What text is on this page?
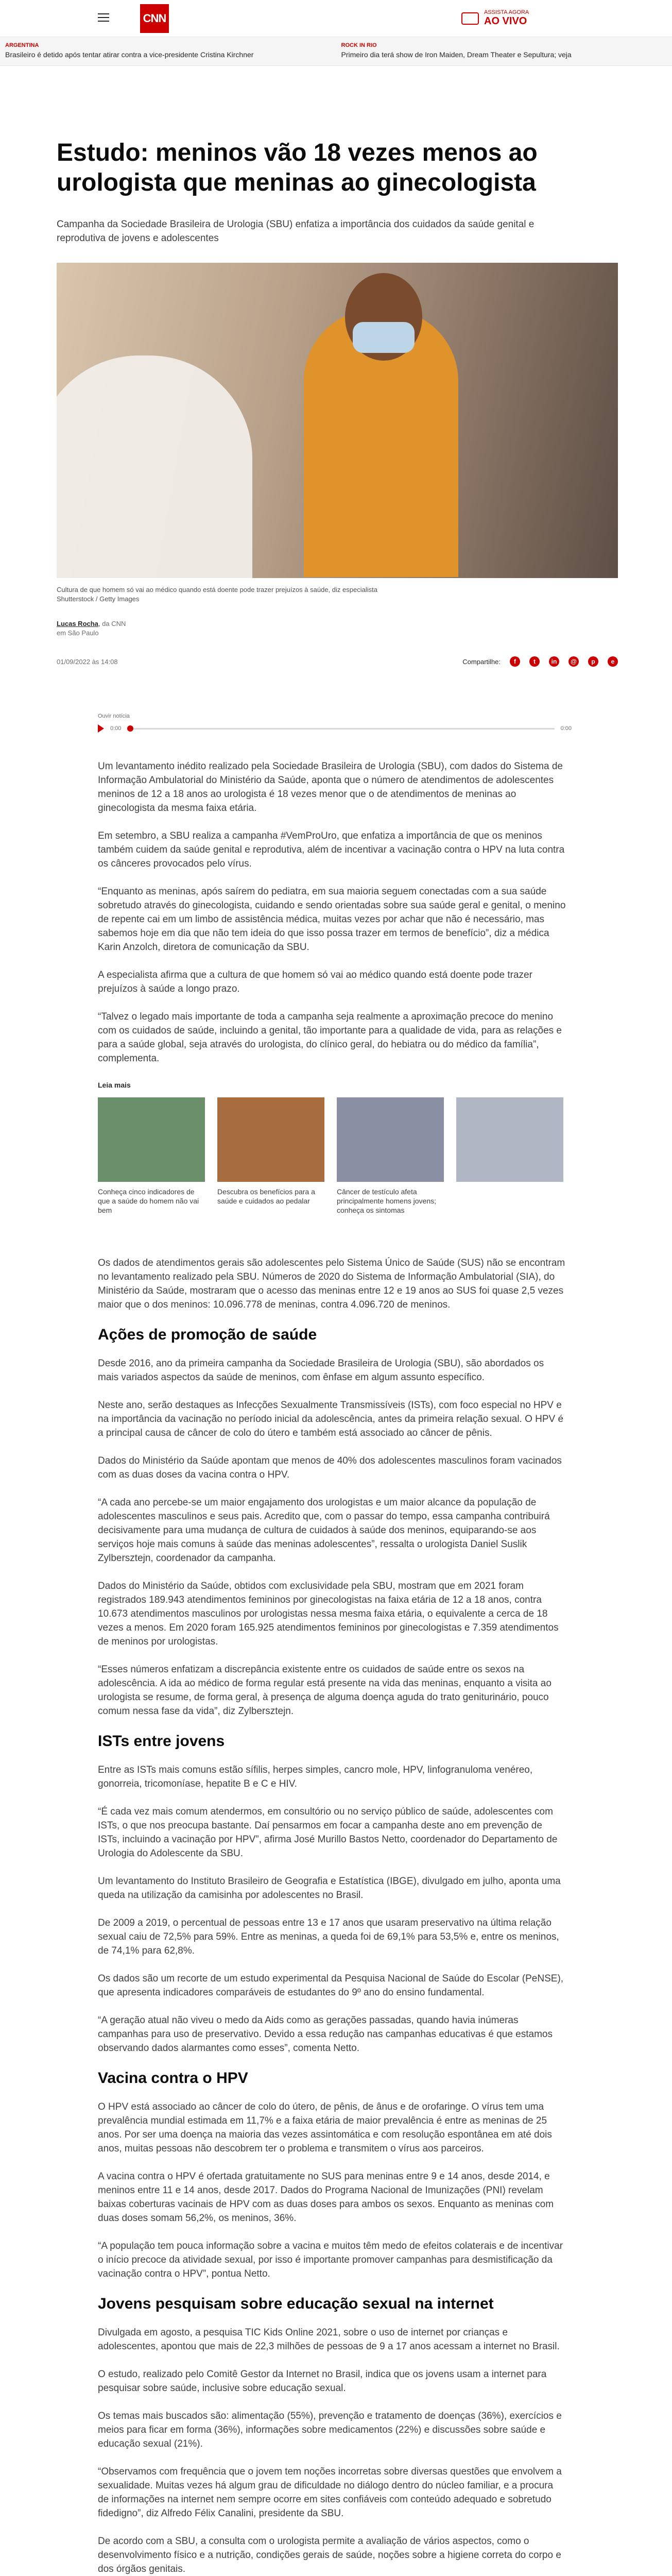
CNN	ASSISTA AGORA
AO VIVO
ARGENTINA
Brasileiro é detido após tentar atirar contra a vice-presidente Cristina Kirchner
ROCK IN RIO
Primeiro dia terá show de Iron Maiden, Dream Theater e Sepultura; veja
Estudo: meninos vão 18 vezes menos ao urologista que meninas ao ginecologista
Campanha da Sociedade Brasileira de Urologia (SBU) enfatiza a importância dos cuidados da saúde genital e reprodutiva de jovens e adolescentes
Cultura de que homem só vai ao médico quando está doente pode trazer prejuízos à saúde, diz especialista
Shutterstock / Getty Images
Lucas Rocha, da CNN
em São Paulo
01/09/2022 às 14:08	Compartilhe:	f	t	in	@	p	e
Ouvir notícia
0:00	0:00

Um levantamento inédito realizado pela Sociedade Brasileira de Urologia (SBU), com dados do Sistema de Informação Ambulatorial do Ministério da Saúde, aponta que o número de atendimentos de adolescentes meninos de 12 a 18 anos ao urologista é 18 vezes menor que o de atendimentos de meninas ao ginecologista da mesma faixa etária.

Em setembro, a SBU realiza a campanha #VemProUro, que enfatiza a importância de que os meninos também cuidem da saúde genital e reprodutiva, além de incentivar a vacinação contra o HPV na luta contra os cânceres provocados pelo vírus.

“Enquanto as meninas, após saírem do pediatra, em sua maioria seguem conectadas com a sua saúde sobretudo através do ginecologista, cuidando e sendo orientadas sobre sua saúde geral e genital, o menino de repente cai em um limbo de assistência médica, muitas vezes por achar que não é necessário, mas sabemos hoje em dia que não tem ideia do que isso possa trazer em termos de benefício”, diz a médica Karin Anzolch, diretora de comunicação da SBU.

A especialista afirma que a cultura de que homem só vai ao médico quando está doente pode trazer prejuízos à saúde a longo prazo.

“Talvez o legado mais importante de toda a campanha seja realmente a aproximação precoce do menino com os cuidados de saúde, incluindo a genital, tão importante para a qualidade de vida, para as relações e para a saúde global, seja através do urologista, do clínico geral, do hebiatra ou do médico da família”, complementa.

Leia mais
Conheça cinco indicadores de que a saúde do homem não vai bem
Descubra os benefícios para a saúde e cuidados ao pedalar
Câncer de testículo afeta principalmente homens jovens; conheça os sintomas

Os dados de atendimentos gerais são adolescentes pelo Sistema Único de Saúde (SUS) não se encontram no levantamento realizado pela SBU. Números de 2020 do Sistema de Informação Ambulatorial (SIA), do Ministério da Saúde, mostraram que o acesso das meninas entre 12 e 19 anos ao SUS foi quase 2,5 vezes maior que o dos meninos: 10.096.778 de meninas, contra 4.096.720 de meninos.

Ações de promoção de saúde

Desde 2016, ano da primeira campanha da Sociedade Brasileira de Urologia (SBU), são abordados os mais variados aspectos da saúde de meninos, com ênfase em algum assunto específico.

Neste ano, serão destaques as Infecções Sexualmente Transmissíveis (ISTs), com foco especial no HPV e na importância da vacinação no período inicial da adolescência, antes da primeira relação sexual. O HPV é a principal causa de câncer de colo do útero e também está associado ao câncer de pênis.

Dados do Ministério da Saúde apontam que menos de 40% dos adolescentes masculinos foram vacinados com as duas doses da vacina contra o HPV.

“A cada ano percebe-se um maior engajamento dos urologistas e um maior alcance da população de adolescentes masculinos e seus pais. Acredito que, com o passar do tempo, essa campanha contribuirá decisivamente para uma mudança de cultura de cuidados à saúde dos meninos, equiparando-se aos serviços hoje mais comuns à saúde das meninas adolescentes”, ressalta o urologista Daniel Suslik Zylbersztejn, coordenador da campanha.

Dados do Ministério da Saúde, obtidos com exclusividade pela SBU, mostram que em 2021 foram registrados 189.943 atendimentos femininos por ginecologistas na faixa etária de 12 a 18 anos, contra 10.673 atendimentos masculinos por urologistas nessa mesma faixa etária, o equivalente a cerca de 18 vezes a menos. Em 2020 foram 165.925 atendimentos femininos por ginecologistas e 7.359 atendimentos de meninos por urologistas.

“Esses números enfatizam a discrepância existente entre os cuidados de saúde entre os sexos na adolescência. A ida ao médico de forma regular está presente na vida das meninas, enquanto a visita ao urologista se resume, de forma geral, à presença de alguma doença aguda do trato geniturinário, pouco comum nessa fase da vida”, diz Zylbersztejn.

ISTs entre jovens

Entre as ISTs mais comuns estão sífilis, herpes simples, cancro mole, HPV, linfogranuloma venéreo, gonorreia, tricomoníase, hepatite B e C e HIV.

“É cada vez mais comum atendermos, em consultório ou no serviço público de saúde, adolescentes com ISTs, o que nos preocupa bastante. Daí pensarmos em focar a campanha deste ano em prevenção de ISTs, incluindo a vacinação por HPV”, afirma José Murillo Bastos Netto, coordenador do Departamento de Urologia do Adolescente da SBU.

Um levantamento do Instituto Brasileiro de Geografia e Estatística (IBGE), divulgado em julho, aponta uma queda na utilização da camisinha por adolescentes no Brasil.

De 2009 a 2019, o percentual de pessoas entre 13 e 17 anos que usaram preservativo na última relação sexual caiu de 72,5% para 59%. Entre as meninas, a queda foi de 69,1% para 53,5% e, entre os meninos, de 74,1% para 62,8%.

Os dados são um recorte de um estudo experimental da Pesquisa Nacional de Saúde do Escolar (PeNSE), que apresenta indicadores comparáveis de estudantes do 9º ano do ensino fundamental.

“A geração atual não viveu o medo da Aids como as gerações passadas, quando havia inúmeras campanhas para uso de preservativo. Devido a essa redução nas campanhas educativas é que estamos observando dados alarmantes como esses”, comenta Netto.

Vacina contra o HPV

O HPV está associado ao câncer de colo do útero, de pênis, de ânus e de orofaringe. O vírus tem uma prevalência mundial estimada em 11,7% e a faixa etária de maior prevalência é entre as meninas de 25 anos. Por ser uma doença na maioria das vezes assintomática e com resolução espontânea em até dois anos, muitas pessoas não descobrem ter o problema e transmitem o vírus aos parceiros.

A vacina contra o HPV é ofertada gratuitamente no SUS para meninas entre 9 e 14 anos, desde 2014, e meninos entre 11 e 14 anos, desde 2017. Dados do Programa Nacional de Imunizações (PNI) revelam baixas coberturas vacinais de HPV com as duas doses para ambos os sexos. Enquanto as meninas com duas doses somam 56,2%, os meninos, 36%.

“A população tem pouca informação sobre a vacina e muitos têm medo de efeitos colaterais e de incentivar o início precoce da atividade sexual, por isso é importante promover campanhas para desmistificação da vacinação contra o HPV”, pontua Netto.

Jovens pesquisam sobre educação sexual na internet

Divulgada em agosto, a pesquisa TIC Kids Online 2021, sobre o uso de internet por crianças e adolescentes, apontou que mais de 22,3 milhões de pessoas de 9 a 17 anos acessam a internet no Brasil.

O estudo, realizado pelo Comitê Gestor da Internet no Brasil, indica que os jovens usam a internet para pesquisar sobre saúde, inclusive sobre educação sexual.

Os temas mais buscados são: alimentação (55%), prevenção e tratamento de doenças (36%), exercícios e meios para ficar em forma (36%), informações sobre medicamentos (22%) e discussões sobre saúde e educação sexual (21%).

“Observamos com frequência que o jovem tem noções incorretas sobre diversas questões que envolvem a sexualidade. Muitas vezes há algum grau de dificuldade no diálogo dentro do núcleo familiar, e a procura de informações na internet nem sempre ocorre em sites confiáveis com conteúdo adequado e sobretudo fidedigno”, diz Alfredo Félix Canalini, presidente da SBU.

De acordo com a SBU, a consulta com o urologista permite a avaliação de vários aspectos, como o desenvolvimento físico e a nutrição, condições gerais de saúde, noções sobre a higiene correta do corpo e dos órgãos genitais.
